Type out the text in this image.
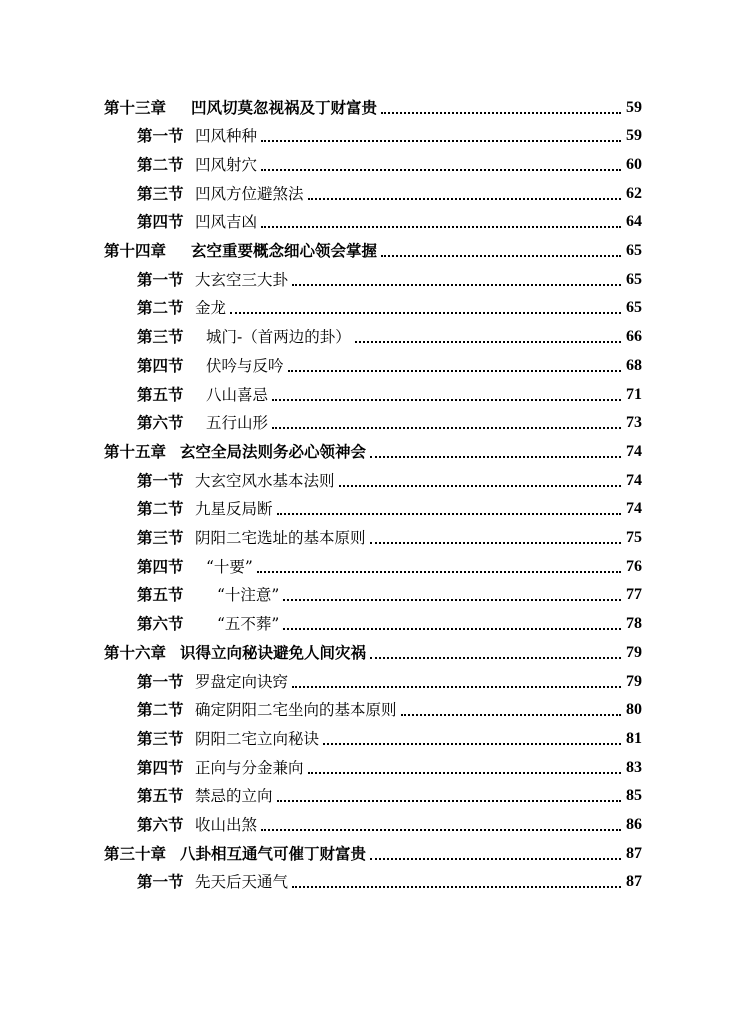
第十三章 凹风切莫忽视祸及丁财富贵	59
第一节 凹风种种	59
第二节 凹风射穴	60
第三节 凹风方位避煞法	62
第四节 凹风吉凶	64
第十四章 玄空重要概念细心领会掌握	65
第一节 大玄空三大卦	65
第二节 金龙	65
第三节 城门-（首两边的卦）	66
第四节 伏吟与反吟	68
第五节 八山喜忌	71
第六节 五行山形	73
第十五章 玄空全局法则务必心领神会	74
第一节 大玄空风水基本法则	74
第二节 九星反局断	74
第三节 阴阳二宅选址的基本原则	75
第四节 “十要”	76
第五节 “十注意”	77
第六节 “五不葬”	78
第十六章 识得立向秘诀避免人间灾祸	79
第一节 罗盘定向诀窍	79
第二节 确定阴阳二宅坐向的基本原则	80
第三节 阴阳二宅立向秘诀	81
第四节 正向与分金兼向	83
第五节 禁忌的立向	85
第六节 收山出煞	86
第三十章 八卦相互通气可催丁财富贵	87
第一节 先天后天通气	87
